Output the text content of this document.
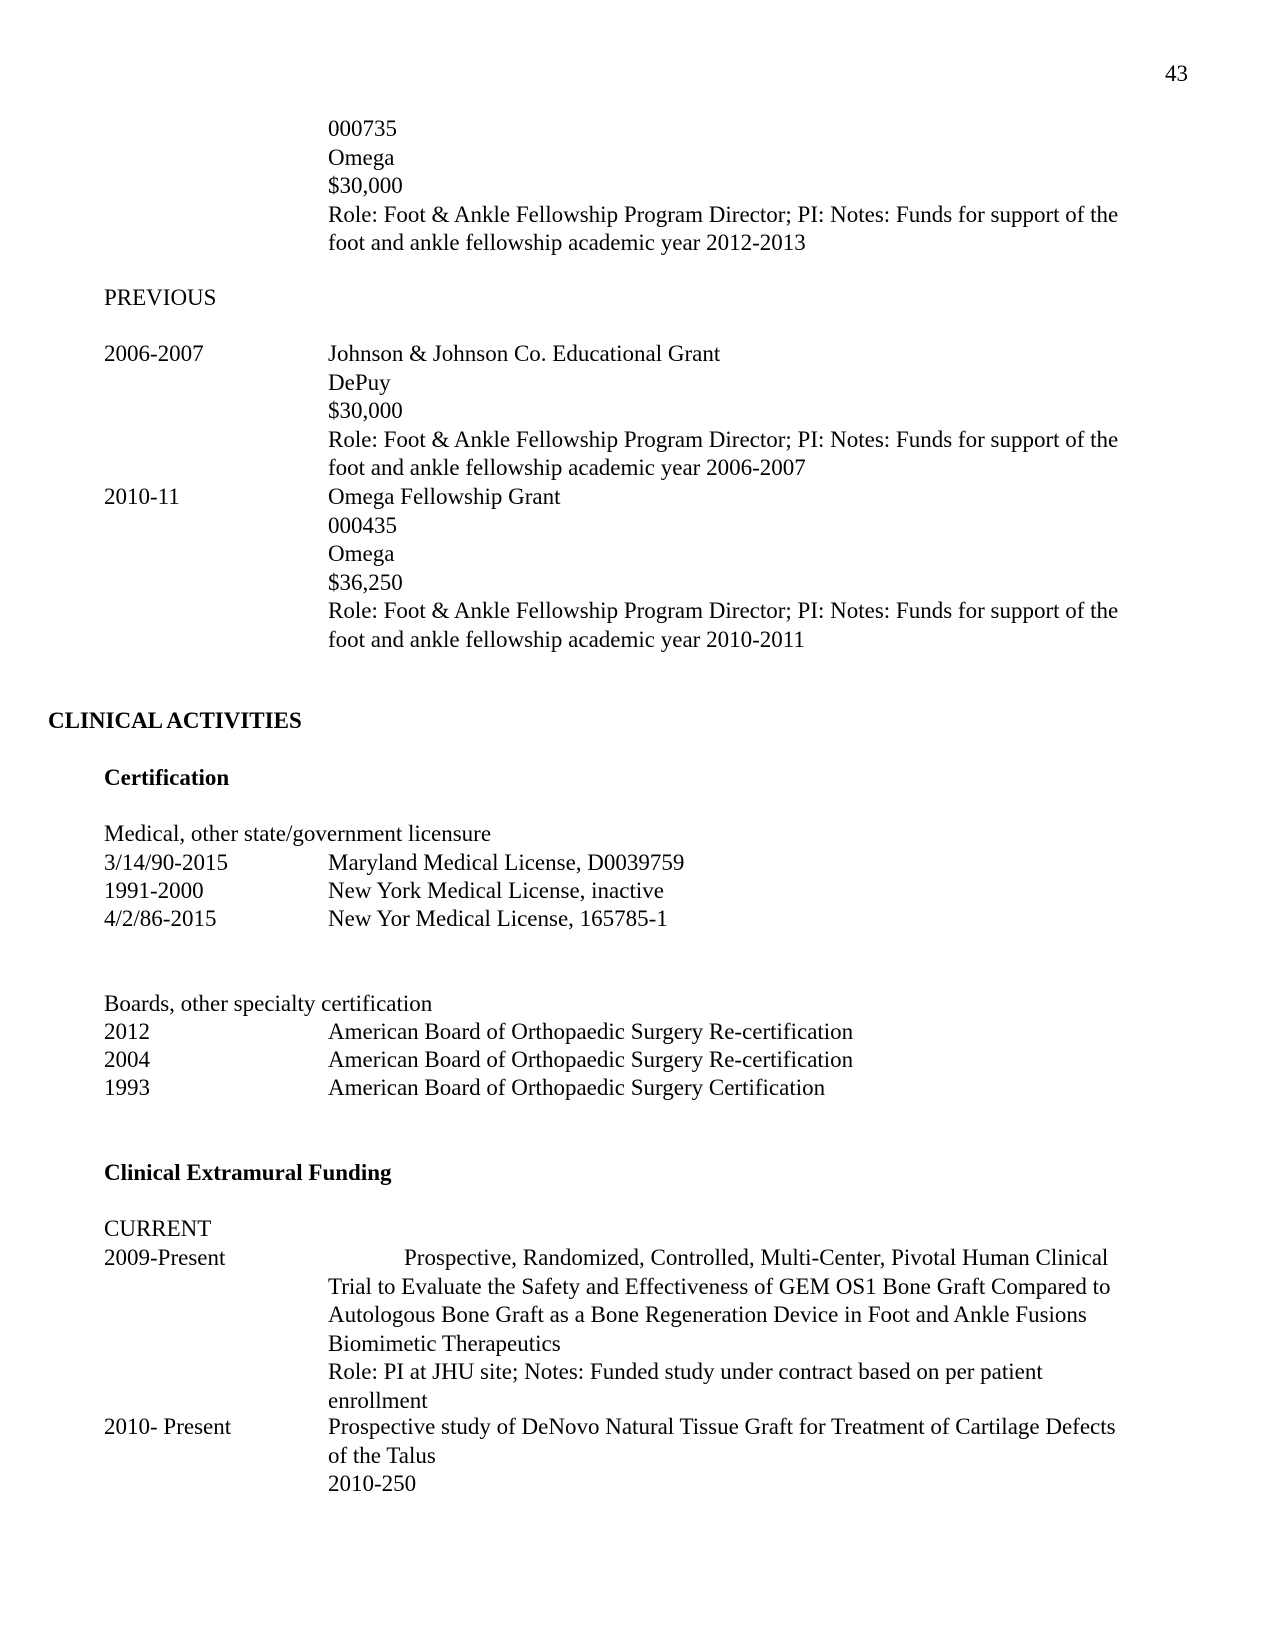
43
000735
Omega
$30,000
Role: Foot & Ankle Fellowship Program Director; PI: Notes: Funds for support of the
foot and ankle fellowship academic year 2012-2013
PREVIOUS
2006-2007	Johnson & Johnson Co. Educational Grant
DePuy
$30,000
Role: Foot & Ankle Fellowship Program Director; PI: Notes: Funds for support of the
foot and ankle fellowship academic year 2006-2007
2010-11	Omega Fellowship Grant
000435
Omega
$36,250
Role: Foot & Ankle Fellowship Program Director; PI: Notes: Funds for support of the
foot and ankle fellowship academic year 2010-2011
CLINICAL ACTIVITIES
Certification
Medical, other state/government licensure
3/14/90-2015	Maryland Medical License, D0039759
1991-2000	New York Medical License, inactive
4/2/86-2015	New Yor Medical License, 165785-1
Boards, other specialty certification
2012	American Board of Orthopaedic Surgery Re-certification
2004	American Board of Orthopaedic Surgery Re-certification
1993	American Board of Orthopaedic Surgery Certification
Clinical Extramural Funding
CURRENT
2009-Present	Prospective, Randomized, Controlled, Multi-Center, Pivotal Human Clinical
Trial to Evaluate the Safety and Effectiveness of GEM OS1 Bone Graft Compared to
Autologous Bone Graft as a Bone Regeneration Device in Foot and Ankle Fusions
Biomimetic Therapeutics
Role: PI at JHU site; Notes: Funded study under contract based on per patient
enrollment
2010- Present	Prospective study of DeNovo Natural Tissue Graft for Treatment of Cartilage Defects
of the Talus
2010-250
